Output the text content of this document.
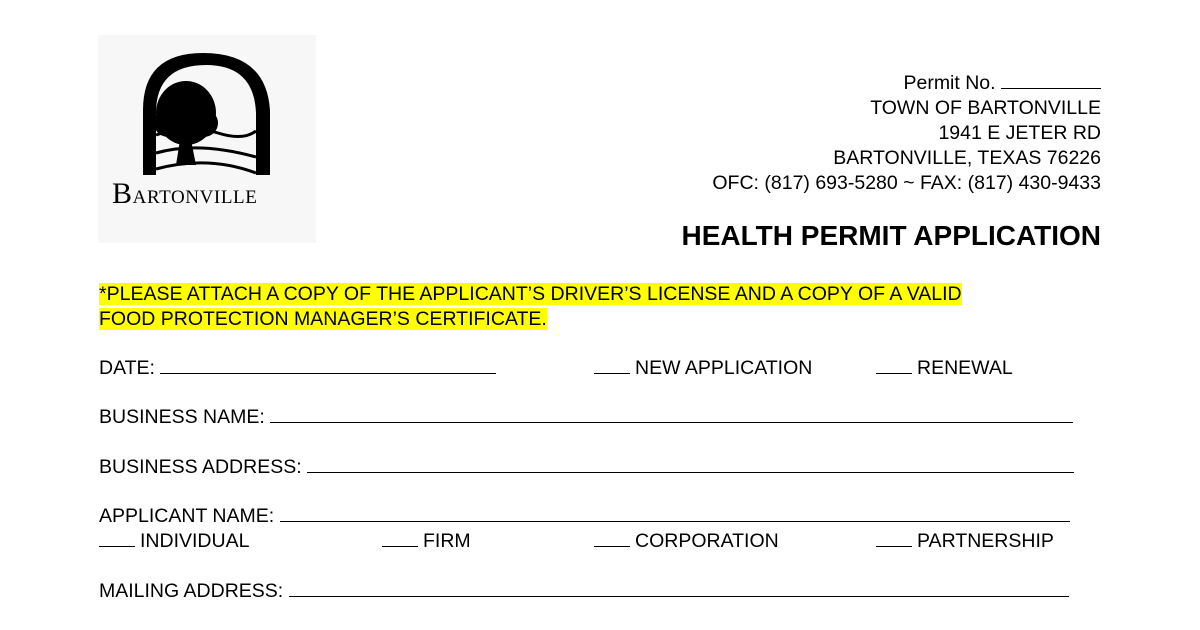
BARTONVILLE
Permit No.
TOWN OF BARTONVILLE
1941 E JETER RD
BARTONVILLE, TEXAS 76226
OFC: (817) 693-5280 ~ FAX: (817) 430-9433
HEALTH PERMIT APPLICATION
*PLEASE ATTACH A COPY OF THE APPLICANT’S DRIVER’S LICENSE AND A COPY OF A VALID
FOOD PROTECTION MANAGER’S CERTIFICATE.
DATE:	NEW APPLICATION	RENEWAL
BUSINESS NAME:
BUSINESS ADDRESS:
APPLICANT NAME:
INDIVIDUAL	FIRM	CORPORATION	PARTNERSHIP
MAILING ADDRESS:
